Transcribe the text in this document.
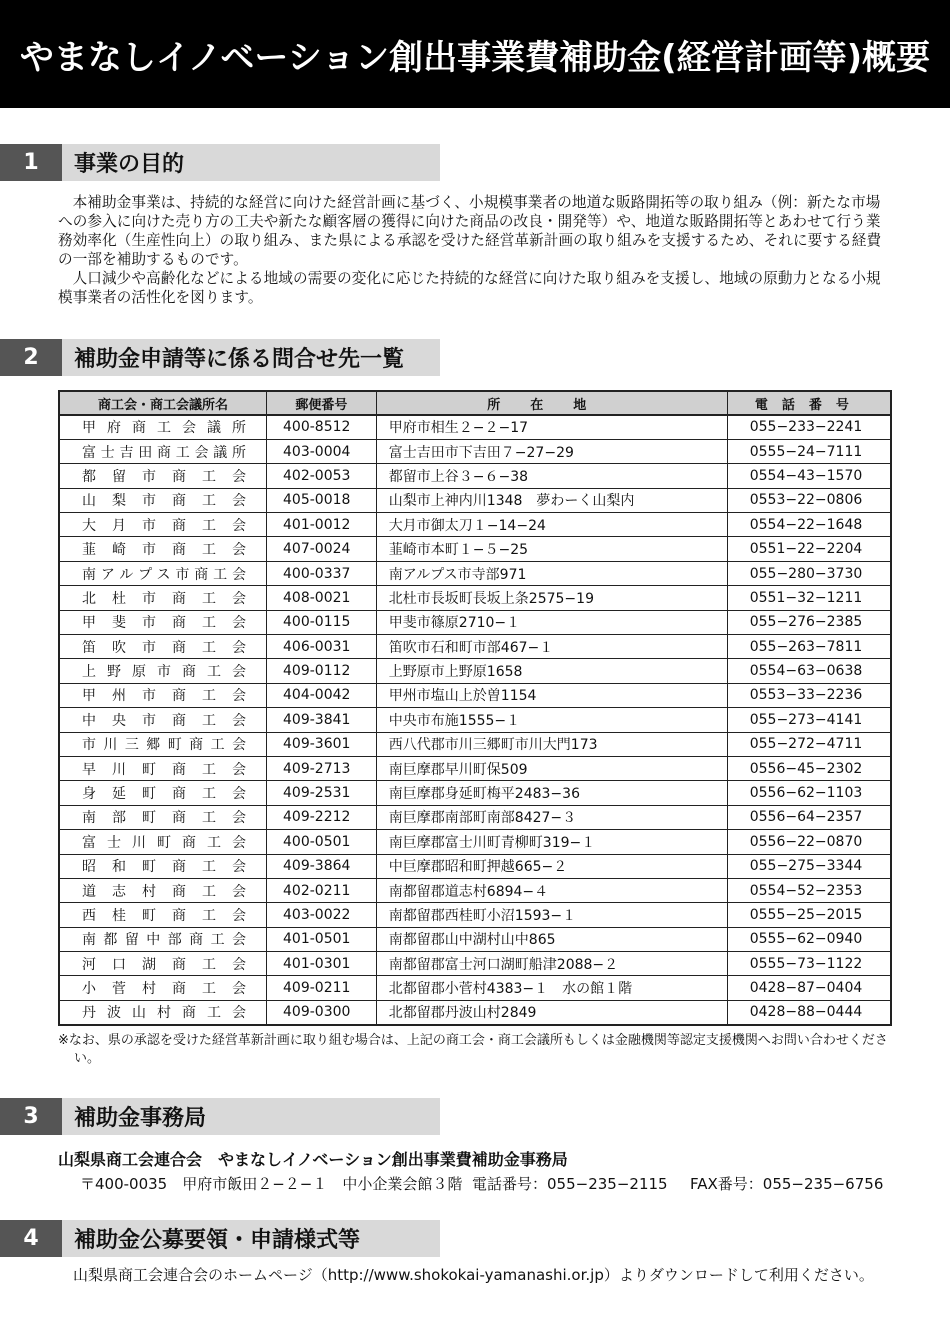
やまなしイノベーション創出事業費補助金(経営計画等)概要
1	事業の目的

本補助金事業は、持続的な経営に向けた経営計画に基づく、小規模事業者の地道な販路開拓等の取り組み（例：新たな市場への参入に向けた売り方の工夫や新たな顧客層の獲得に向けた商品の改良・開発等）や、地道な販路開拓等とあわせて行う業務効率化（生産性向上）の取り組み、また県による承認を受けた経営革新計画の取り組みを支援するため、それに要する経費の一部を補助するものです。

人口減少や高齢化などによる地域の需要の変化に応じた持続的な経営に向けた取り組みを支援し、地域の原動力となる小規模事業者の活性化を図ります。

2	補助金申請等に係る問合せ先一覧
商工会・商工会議所名	郵便番号	所在地	電話番号
甲府商工会議所	400-8512	甲府市相生２−２−17	055−233−2241
富士吉田商工会議所	403-0004	富士吉田市下吉田７−27−29	0555−24−7111
都留市商工会	402-0053	都留市上谷３−６−38	0554−43−1570
山梨市商工会	405-0018	山梨市上神内川1348　夢わーく山梨内	0553−22−0806
大月市商工会	401-0012	大月市御太刀１−14−24	0554−22−1648
韮崎市商工会	407-0024	韮崎市本町１−５−25	0551−22−2204
南アルプス市商工会	400-0337	南アルプス市寺部971	055−280−3730
北杜市商工会	408-0021	北杜市長坂町長坂上条2575−19	0551−32−1211
甲斐市商工会	400-0115	甲斐市篠原2710−１	055−276−2385
笛吹市商工会	406-0031	笛吹市石和町市部467−１	055−263−7811
上野原市商工会	409-0112	上野原市上野原1658	0554−63−0638
甲州市商工会	404-0042	甲州市塩山上於曽1154	0553−33−2236
中央市商工会	409-3841	中央市布施1555−１	055−273−4141
市川三郷町商工会	409-3601	西八代郡市川三郷町市川大門173	055−272−4711
早川町商工会	409-2713	南巨摩郡早川町保509	0556−45−2302
身延町商工会	409-2531	南巨摩郡身延町梅平2483−36	0556−62−1103
南部町商工会	409-2212	南巨摩郡南部町南部8427−３	0556−64−2357
富士川町商工会	400-0501	南巨摩郡富士川町青柳町319−１	0556−22−0870
昭和町商工会	409-3864	中巨摩郡昭和町押越665−２	055−275−3344
道志村商工会	402-0211	南都留郡道志村6894−４	0554−52−2353
西桂町商工会	403-0022	南都留郡西桂町小沼1593−１	0555−25−2015
南都留中部商工会	401-0501	南都留郡山中湖村山中865	0555−62−0940
河口湖商工会	401-0301	南都留郡富士河口湖町船津2088−２	0555−73−1122
小菅村商工会	409-0211	北都留郡小菅村4383−１　水の館１階	0428−87−0404
丹波山村商工会	409-0300	北都留郡丹波山村2849	0428−88−0444
※なお、県の承認を受けた経営革新計画に取り組む場合は、上記の商工会・商工会議所もしくは金融機関等認定支援機関へお問い合わせください。
3	補助金事務局
山梨県商工会連合会　やまなしイノベーション創出事業費補助金事務局
〒400-0035　甲府市飯田２−２−１　中小企業会館３階 電話番号：055−235−2115	FAX番号：055−235−6756
4	補助金公募要領・申請様式等

山梨県商工会連合会のホームページ（http://www.shokokai-yamanashi.or.jp）よりダウンロードして利用ください。
